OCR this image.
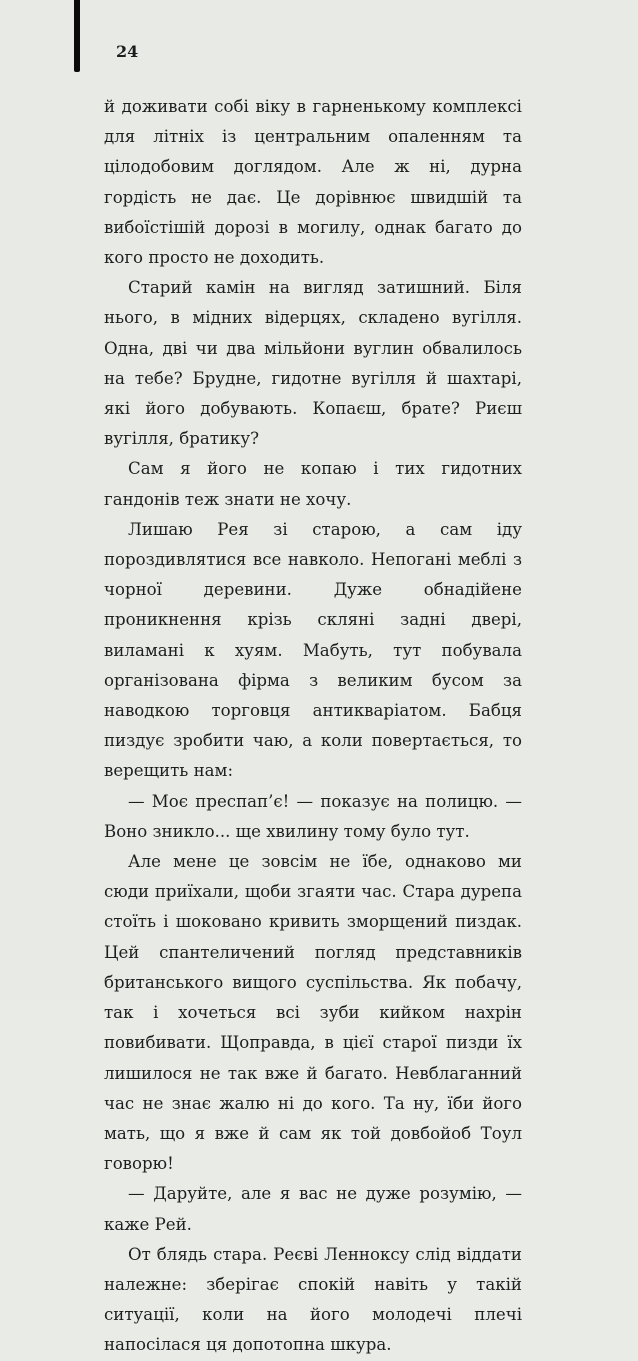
24

й доживати собі віку в гарненькому комплексі для літніх із центральним опаленням та цілодобовим доглядом. Але ж ні, дурна гордість не дає. Це дорівнює швидшій та вибоїстішій дорозі в могилу, однак багато до кого просто не доходить.

Старий камін на вигляд затишний. Біля нього, в мідних відерцях, складено вугілля. Одна, дві чи два мільйони вуглин обвалилось на тебе? Брудне, гидотне вугілля й шахтарі, які його добувають. Копаєш, брате? Риєш вугілля, братику?

Сам я його не копаю і тих гидотних гандонів теж знати не хочу.

Лишаю Рея зі старою, а сам іду пороздивлятися все навколо. Непогані меблі з чорної деревини. Дуже обнадійене проникнення крізь скляні задні двері, виламані к хуям. Мабуть, тут побувала організована фірма з великим бусом за наводкою торговця антикваріатом. Бабця пиздує зробити чаю, а коли повертається, то верещить нам:

— Моє преспап’є! — показує на полицю. — Воно зникло... ще хвилину тому було тут.

Але мене це зовсім не їбе, однаково ми сюди приїхали, щоби згаяти час. Стара дурепа стоїть і шоковано кривить зморщений пиздак. Цей спантеличений погляд представників британського вищого суспільства. Як побачу, так і хочеться всі зуби кийком нахрін повибивати. Щоправда, в цієї старої пизди їх лишилося не так вже й багато. Невблаганний час не знає жалю ні до кого. Та ну, їби його мать, що я вже й сам як той довбойоб Тоул говорю!

— Даруйте, але я вас не дуже розумію, — каже Рей.

От блядь стара. Реєві Ленноксу слід віддати належне: зберігає спокій навіть у такій ситуації, коли на його молодечі плечі напосілася ця допотопна шкура.
